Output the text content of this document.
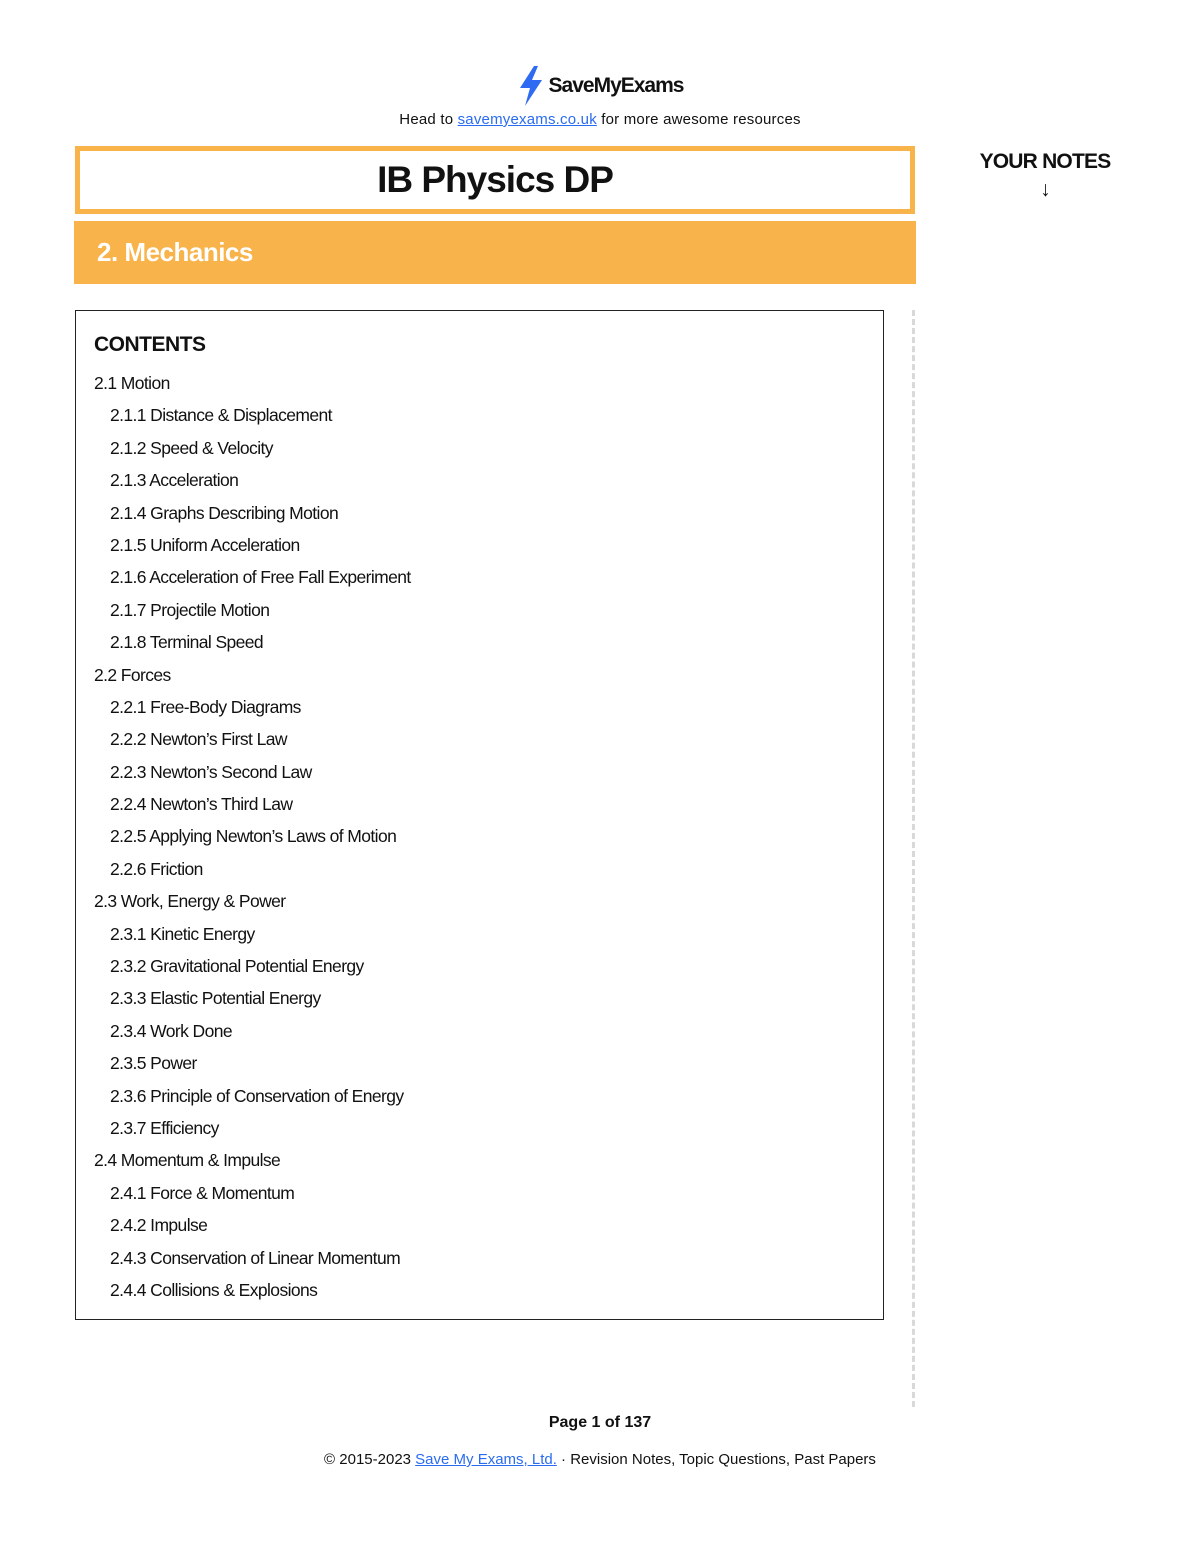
SaveMyExams
Head to savemyexams.co.uk for more awesome resources
IB Physics DP
2. Mechanics
YOUR NOTES
↓
CONTENTS
2.1 Motion
2.1.1 Distance & Displacement
2.1.2 Speed & Velocity
2.1.3 Acceleration
2.1.4 Graphs Describing Motion
2.1.5 Uniform Acceleration
2.1.6 Acceleration of Free Fall Experiment
2.1.7 Projectile Motion
2.1.8 Terminal Speed
2.2 Forces
2.2.1 Free-Body Diagrams
2.2.2 Newton’s First Law
2.2.3 Newton’s Second Law
2.2.4 Newton’s Third Law
2.2.5 Applying Newton’s Laws of Motion
2.2.6 Friction
2.3 Work, Energy & Power
2.3.1 Kinetic Energy
2.3.2 Gravitational Potential Energy
2.3.3 Elastic Potential Energy
2.3.4 Work Done
2.3.5 Power
2.3.6 Principle of Conservation of Energy
2.3.7 Efficiency
2.4 Momentum & Impulse
2.4.1 Force & Momentum
2.4.2 Impulse
2.4.3 Conservation of Linear Momentum
2.4.4 Collisions & Explosions
Page 1 of 137
© 2015-2023 Save My Exams, Ltd. · Revision Notes, Topic Questions, Past Papers
